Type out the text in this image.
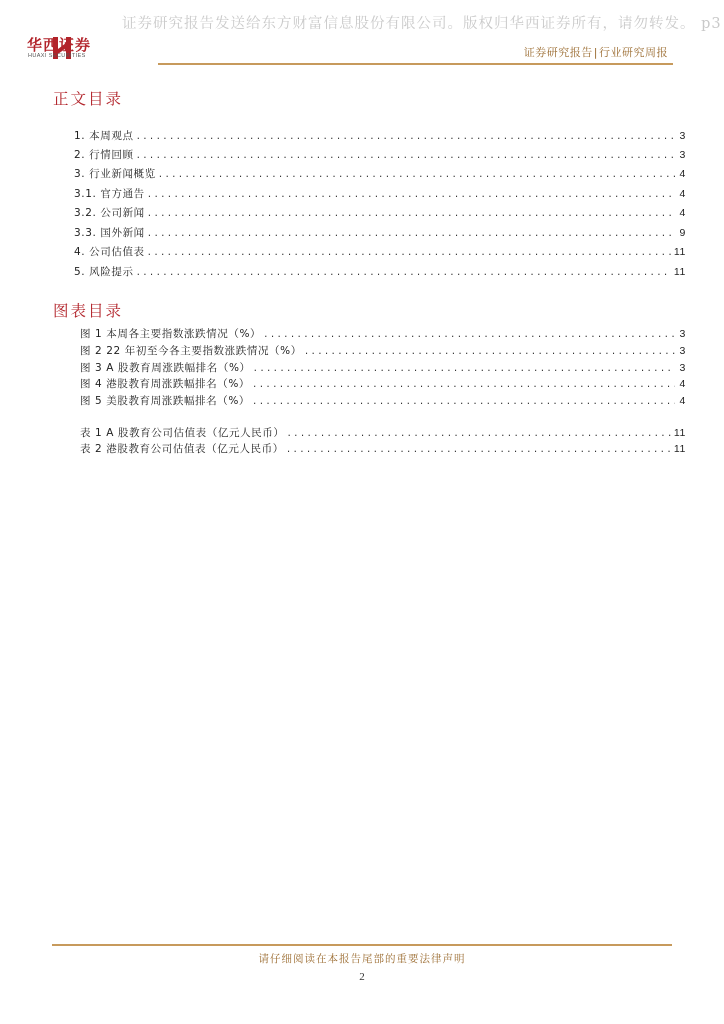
证券研究报告发送给东方财富信息股份有限公司。版权归华西证券所有，请勿转发。 p3
华西证券
HUAXI SECURITIES	证券研究报告|行业研究周报
正文目录
1. 本周观点 . . .	3
2. 行情回顾 . . .	3
3. 行业新闻概览 . . .	4
3.1. 官方通告 . . .	4
3.2. 公司新闻 . . .	4
3.3. 国外新闻 . . .	9
4. 公司估值表 . . .	11
5. 风险提示 . . .	11
图表目录
图 1 本周各主要指数涨跌情况（%） . . .	3
图 2 22 年初至今各主要指数涨跌情况（%） . . .	3
图 3 A 股教育周涨跌幅排名（%） . . .	3
图 4 港股教育周涨跌幅排名（%） . . .	4
图 5 美股教育周涨跌幅排名（%） . . .	4
表 1 A 股教育公司估值表（亿元人民币） . . .	11
表 2 港股教育公司估值表（亿元人民币） . . .	11
请仔细阅读在本报告尾部的重要法律声明
2
